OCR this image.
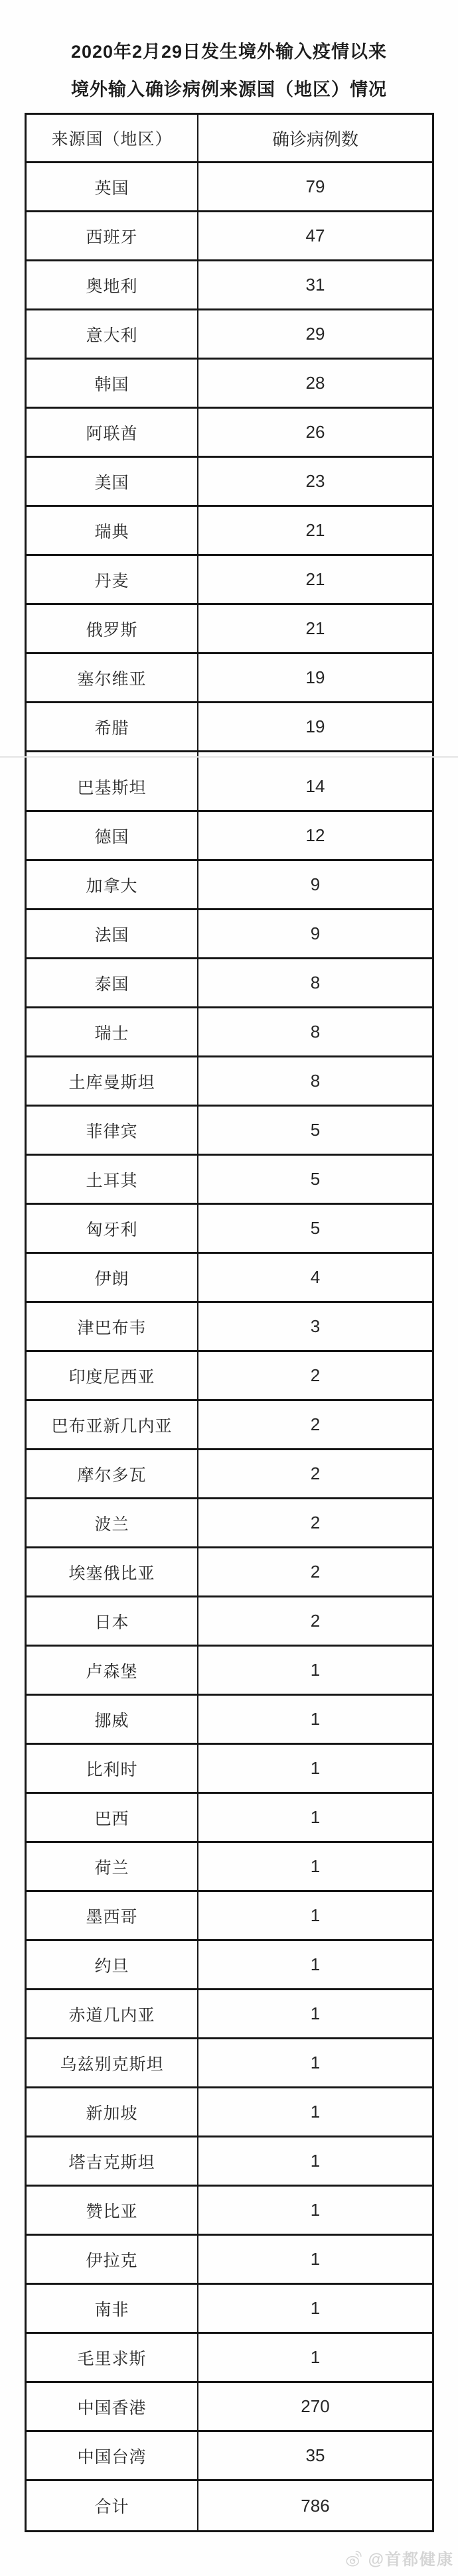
2020年2月29日发生境外输入疫情以来
境外输入确诊病例来源国（地区）情况
来源国（地区）	确诊病例数
英国	79
西班牙	47
奥地利	31
意大利	29
韩国	28
阿联酋	26
美国	23
瑞典	21
丹麦	21
俄罗斯	21
塞尔维亚	19
希腊	19
巴基斯坦	14
德国	12
加拿大	9
法国	9
泰国	8
瑞士	8
土库曼斯坦	8
菲律宾	5
土耳其	5
匈牙利	5
伊朗	4
津巴布韦	3
印度尼西亚	2
巴布亚新几内亚	2
摩尔多瓦	2
波兰	2
埃塞俄比亚	2
日本	2
卢森堡	1
挪威	1
比利时	1
巴西	1
荷兰	1
墨西哥	1
约旦	1
赤道几内亚	1
乌兹别克斯坦	1
新加坡	1
塔吉克斯坦	1
赞比亚	1
伊拉克	1
南非	1
毛里求斯	1
中国香港	270
中国台湾	35
合计	786
@首都健康
